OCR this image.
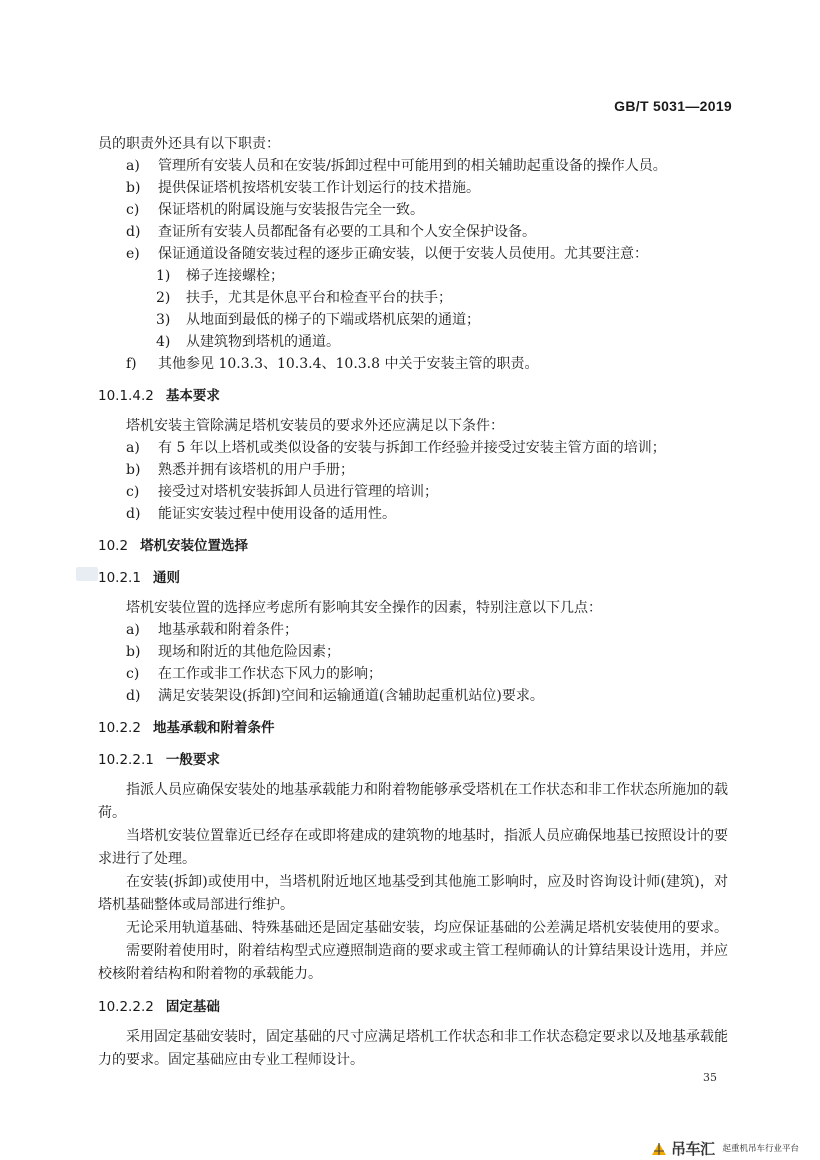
GB/T 5031—2019
员的职责外还具有以下职责：
a) 管理所有安装人员和在安装/拆卸过程中可能用到的相关辅助起重设备的操作人员。
b) 提供保证塔机按塔机安装工作计划运行的技术措施。
c) 保证塔机的附属设施与安装报告完全一致。
d) 查证所有安装人员都配备有必要的工具和个人安全保护设备。
e) 保证通道设备随安装过程的逐步正确安装，以便于安装人员使用。尤其要注意：
1) 梯子连接螺栓；
2) 扶手，尤其是休息平台和检查平台的扶手；
3) 从地面到最低的梯子的下端或塔机底架的通道；
4) 从建筑物到塔机的通道。
f) 其他参见 10.3.3、10.3.4、10.3.8 中关于安装主管的职责。
10.1.4.2 基本要求
塔机安装主管除满足塔机安装员的要求外还应满足以下条件：
a) 有 5 年以上塔机或类似设备的安装与拆卸工作经验并接受过安装主管方面的培训；
b) 熟悉并拥有该塔机的用户手册；
c) 接受过对塔机安装拆卸人员进行管理的培训；
d) 能证实安装过程中使用设备的适用性。
10.2 塔机安装位置选择
10.2.1 通则
塔机安装位置的选择应考虑所有影响其安全操作的因素，特别注意以下几点：
a) 地基承载和附着条件；
b) 现场和附近的其他危险因素；
c) 在工作或非工作状态下风力的影响；
d) 满足安装架设(拆卸)空间和运输通道(含辅助起重机站位)要求。
10.2.2 地基承载和附着条件
10.2.2.1 一般要求
指派人员应确保安装处的地基承载能力和附着物能够承受塔机在工作状态和非工作状态所施加的载荷。
当塔机安装位置靠近已经存在或即将建成的建筑物的地基时，指派人员应确保地基已按照设计的要求进行了处理。
在安装(拆卸)或使用中，当塔机附近地区地基受到其他施工影响时，应及时咨询设计师(建筑)，对塔机基础整体或局部进行维护。
无论采用轨道基础、特殊基础还是固定基础安装，均应保证基础的公差满足塔机安装使用的要求。
需要附着使用时，附着结构型式应遵照制造商的要求或主管工程师确认的计算结果设计选用，并应校核附着结构和附着物的承载能力。
10.2.2.2 固定基础
采用固定基础安装时，固定基础的尺寸应满足塔机工作状态和非工作状态稳定要求以及地基承载能力的要求。固定基础应由专业工程师设计。
35
吊车汇 起重机吊车行业平台
